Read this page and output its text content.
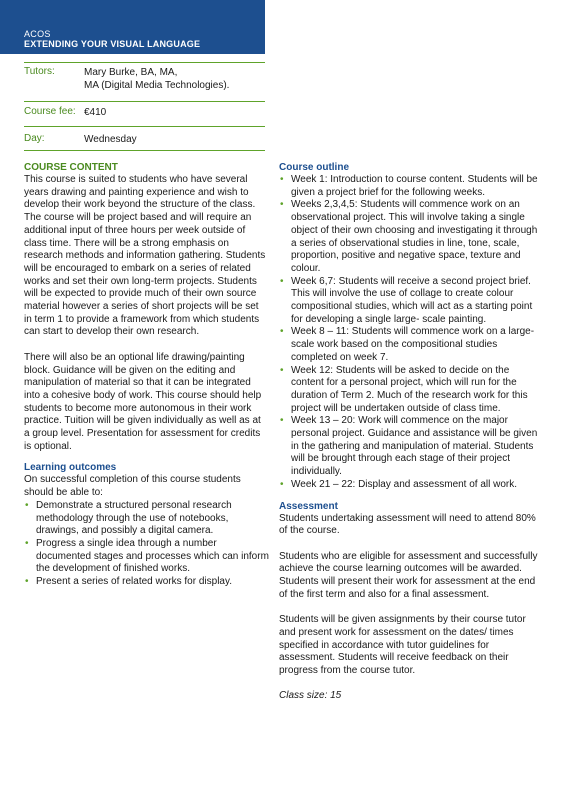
ACOS
EXTENDING YOUR VISUAL LANGUAGE
Tutors:	Mary Burke, BA, MA,
MA (Digital Media Technologies).
Course fee: €410
Day:	Wednesday
COURSE CONTENT

This course is suited to students who have several years drawing and painting experience and wish to develop their work beyond the structure of the class. The course will be project based and will require an additional input of three hours per week outside of class time. There will be a strong emphasis on research methods and information gathering. Students will be encouraged to embark on a series of related works and set their own long-term projects. Students will be expected to provide much of their own source material however a series of short projects will be set in term 1 to provide a framework from which students can start to develop their own research.

There will also be an optional life drawing/painting block. Guidance will be given on the editing and manipulation of material so that it can be integrated into a cohesive body of work. This course should help students to become more autonomous in their work practice. Tuition will be given individually as well as at a group level. Presentation for assessment for credits is optional.

Learning outcomes

On successful completion of this course students should be able to:

• Demonstrate a structured personal research methodology through the use of notebooks, drawings, and possibly a digital camera.
• Progress a single idea through a number documented stages and processes which can inform the development of finished works.
• Present a series of related works for display.
Course outline
• Week 1: Introduction to course content. Students will be given a project brief for the following weeks.
• Weeks 2,3,4,5: Students will commence work on an observational project. This will involve taking a single object of their own choosing and investigating it through a series of observational studies in line, tone, scale, proportion, positive and negative space, texture and colour.
• Week 6,7: Students will receive a second project brief. This will involve the use of collage to create colour compositional studies, which will act as a starting point for developing a single large- scale painting.
• Week 8 – 11: Students will commence work on a large-scale work based on the compositional studies completed on week 7.
• Week 12: Students will be asked to decide on the content for a personal project, which will run for the duration of Term 2. Much of the research work for this project will be undertaken outside of class time.
• Week 13 – 20: Work will commence on the major personal project. Guidance and assistance will be given in the gathering and manipulation of material. Students will be brought through each stage of their project individually.
• Week 21 – 22: Display and assessment of all work.
Assessment

Students undertaking assessment will need to attend 80% of the course.

Students who are eligible for assessment and successfully achieve the course learning outcomes will be awarded. Students will present their work for assessment at the end of the first term and also for a final assessment.

Students will be given assignments by their course tutor and present work for assessment on the dates/ times specified in accordance with tutor guidelines for assessment. Students will receive feedback on their progress from the course tutor.

Class size: 15
